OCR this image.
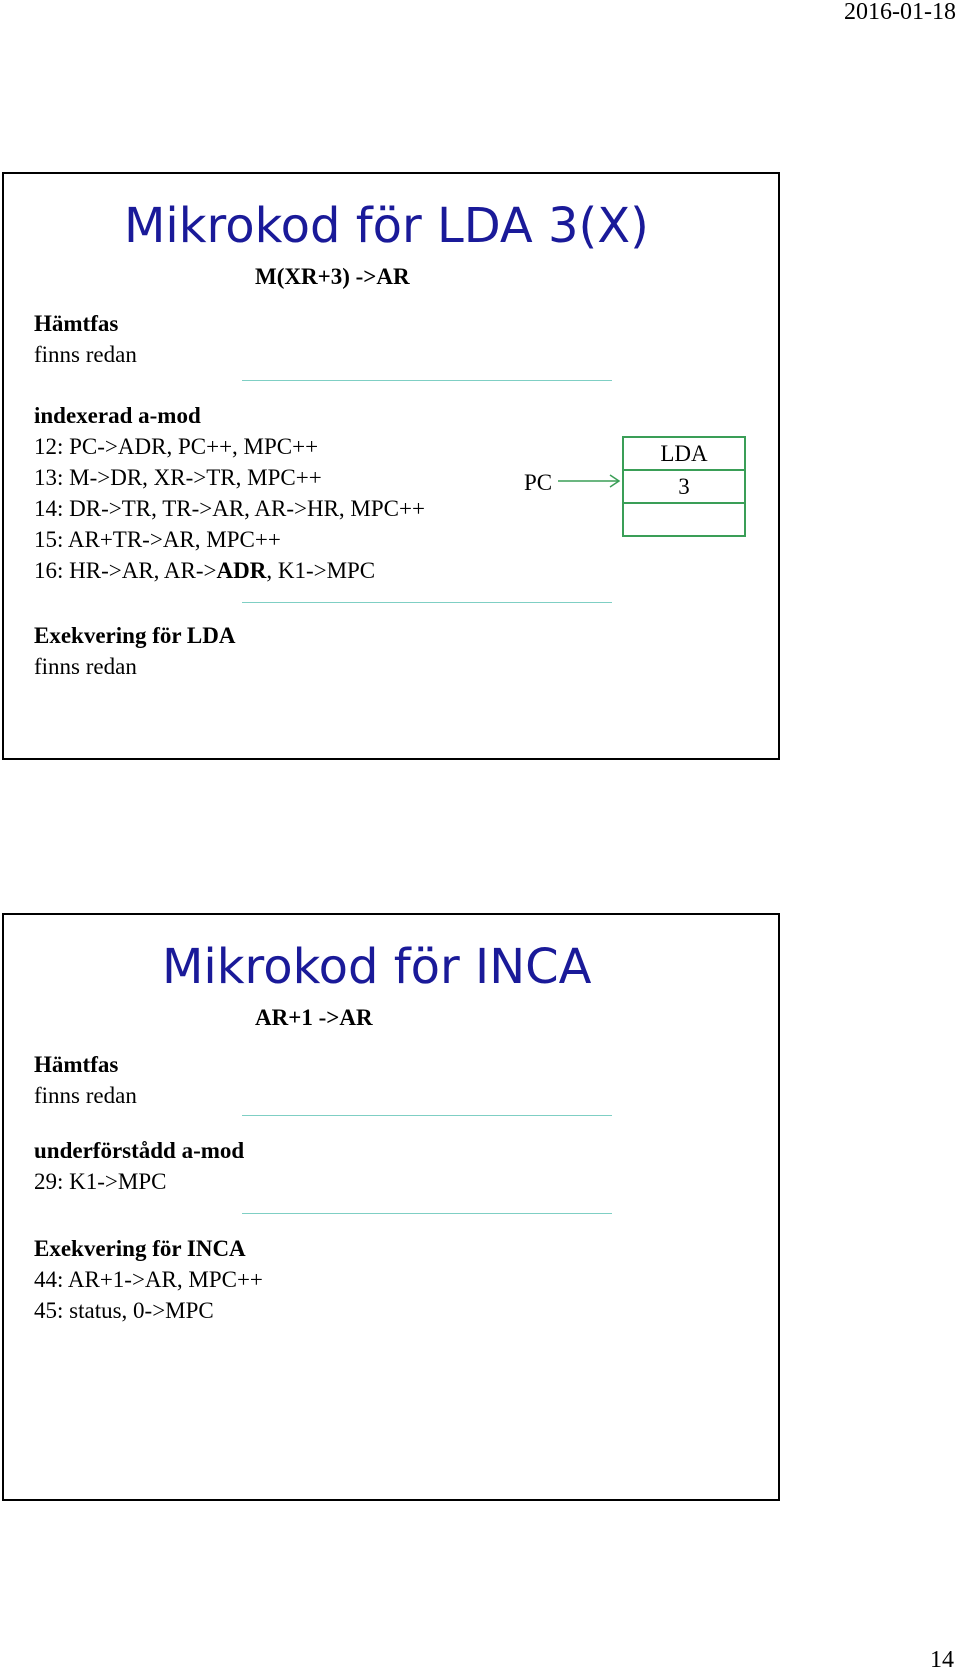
2016-01-18
Mikrokod för LDA 3(X)
M(XR+3) ->AR
Hämtfas
finns redan
indexerad a-mod
12: PC->ADR, PC++, MPC++
13: M->DR, XR->TR, MPC++
14: DR->TR, TR->AR, AR->HR, MPC++
15: AR+TR->AR, MPC++
16: HR->AR, AR->ADR, K1->MPC
PC
LDA
3
Exekvering för LDA
finns redan
Mikrokod för INCA
AR+1 ->AR
Hämtfas
finns redan
underförstådd a-mod
29: K1->MPC
Exekvering för INCA
44: AR+1->AR, MPC++
45: status, 0->MPC
14
